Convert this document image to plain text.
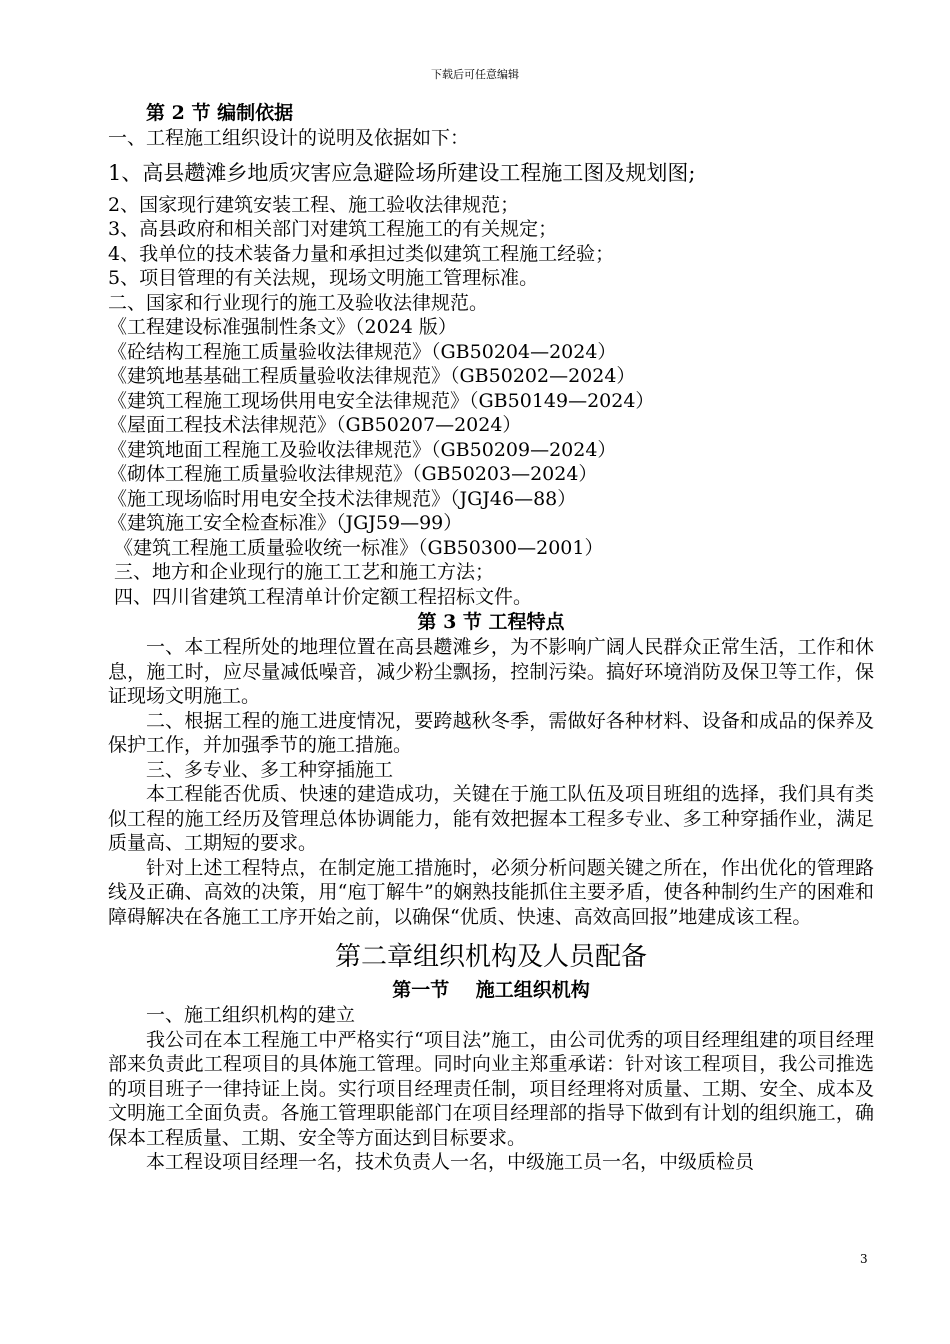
下载后可任意编辑
第 2 节 编制依据
一、工程施工组织设计的说明及依据如下：
1、高县趱滩乡地质灾害应急避险场所建设工程施工图及规划图;
2、国家现行建筑安装工程、施工验收法律规范；
3、高县政府和相关部门对建筑工程施工的有关规定；
4、我单位的技术装备力量和承担过类似建筑工程施工经验；
5、项目管理的有关法规，现场文明施工管理标准。
二、国家和行业现行的施工及验收法律规范。
《工程建设标准强制性条文》（2024 版）
《砼结构工程施工质量验收法律规范》（GB50204—2024）
《建筑地基基础工程质量验收法律规范》（GB50202—2024）
《建筑工程施工现场供用电安全法律规范》（GB50149—2024）
《屋面工程技术法律规范》（GB50207—2024）
《建筑地面工程施工及验收法律规范》（GB50209—2024）
《砌体工程施工质量验收法律规范》（GB50203—2024）
《施工现场临时用电安全技术法律规范》（JGJ46—88）
《建筑施工安全检查标准》（JGJ59—99）
《建筑工程施工质量验收统一标准》（GB50300—2001）
三、地方和企业现行的施工工艺和施工方法；
四、四川省建筑工程清单计价定额工程招标文件。
第 3 节 工程特点
一、本工程所处的地理位置在高县趱滩乡，为不影响广阔人民群众正常生活，工作和休息，施工时，应尽量减低噪音，减少粉尘飘扬，控制污染。搞好环境消防及保卫等工作，保证现场文明施工。
二、根据工程的施工进度情况，要跨越秋冬季，需做好各种材料、设备和成品的保养及保护工作，并加强季节的施工措施。
三、多专业、多工种穿插施工
本工程能否优质、快速的建造成功，关键在于施工队伍及项目班组的选择，我们具有类似工程的施工经历及管理总体协调能力，能有效把握本工程多专业、多工种穿插作业，满足质量高、工期短的要求。
针对上述工程特点，在制定施工措施时，必须分析问题关键之所在，作出优化的管理路线及正确、高效的决策，用“庖丁解牛”的娴熟技能抓住主要矛盾，使各种制约生产的困难和障碍解决在各施工工序开始之前，以确保“优质、快速、高效高回报”地建成该工程。
第二章组织机构及人员配备
第一节    施工组织机构
一、施工组织机构的建立
我公司在本工程施工中严格实行“项目法”施工，由公司优秀的项目经理组建的项目经理部来负责此工程项目的具体施工管理。同时向业主郑重承诺：针对该工程项目，我公司推选的项目班子一律持证上岗。实行项目经理责任制，项目经理将对质量、工期、安全、成本及文明施工全面负责。各施工管理职能部门在项目经理部的指导下做到有计划的组织施工，确保本工程质量、工期、安全等方面达到目标要求。
本工程设项目经理一名，技术负责人一名，中级施工员一名，中级质检员
3
